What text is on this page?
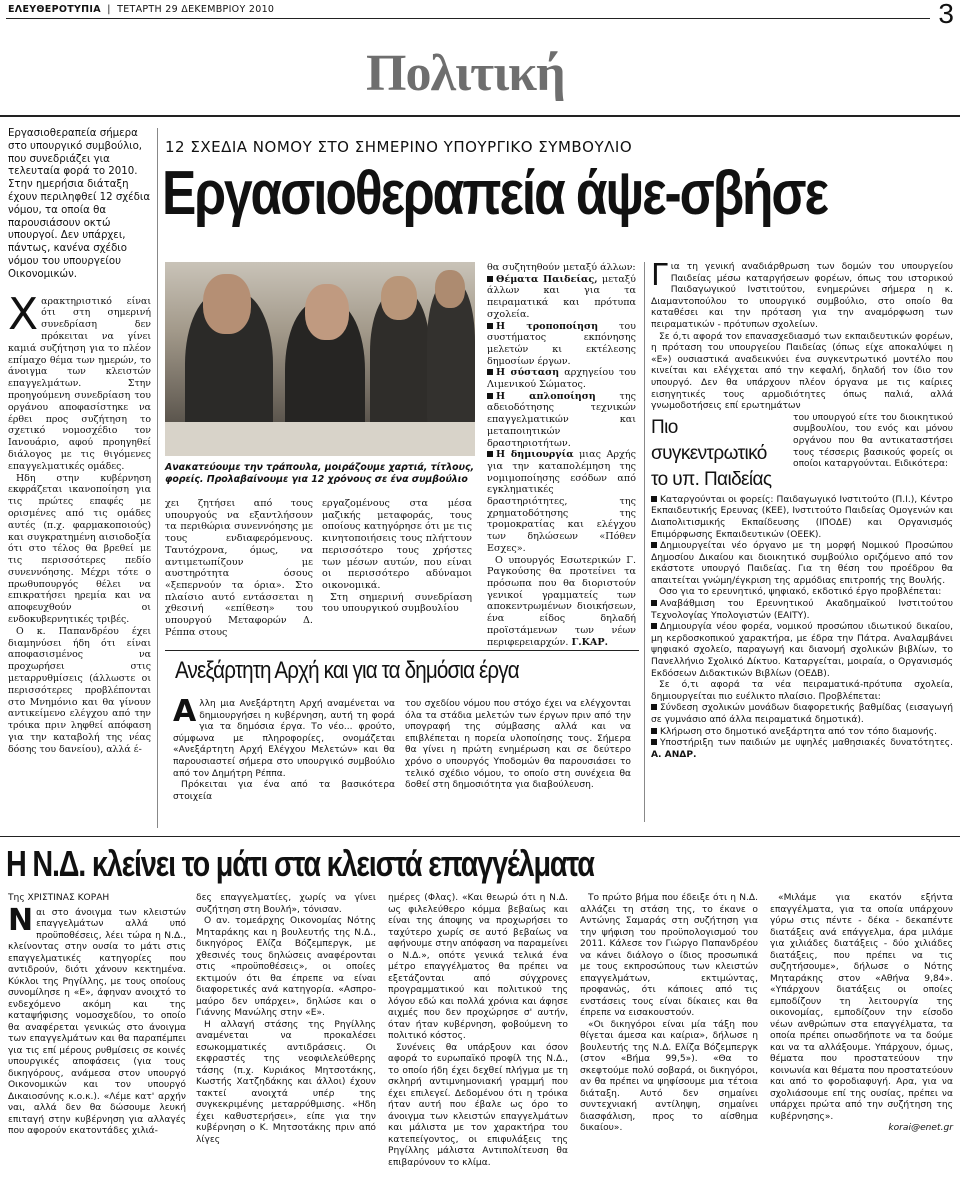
ΕΛΕΥΘΕΡΟΤΥΠΙΑ | ΤΕΤΑΡΤΗ 29 ΔΕΚΕΜΒΡΙΟΥ 2010	3
Πολιτική
Εργασιοθεραπεία σήμερα στο υπουργικό συμβούλιο, που συνεδριάζει για τελευταία φορά το 2010. Στην ημερήσια διάταξη έχουν περιληφθεί 12 σχέδια νόμου, τα οποία θα παρουσιάσουν οκτώ υπουργοί. Δεν υπάρχει, πάντως, κανένα σχέδιο νόμου του υπουργείου Οικονομικών.

Χαρακτηριστικό είναι ότι στη σημερινή συνεδρίαση δεν πρόκειται να γίνει καμιά συζήτηση για το πλέον επίμαχο θέμα των ημερών, το άνοιγμα των κλειστών επαγγελμάτων. Στην προηγούμενη συνεδρίαση του οργάνου αποφασίστηκε να έρθει προς συζήτηση το σχετικό νομοσχέδιο τον Ιανουάριο, αφού προηγηθεί διάλογος με τις θιγόμενες επαγγελματικές ομάδες.

Ηδη στην κυβέρνηση εκφράζεται ικανοποίηση για τις πρώτες επαφές με ορισμένες από τις ομάδες αυτές (π.χ. φαρμακοποιούς) και συγκρατημένη αισιοδοξία ότι στο τέλος θα βρεθεί με τις περισσότερες πεδίο συνεννόησης. Μέχρι τότε ο πρωθυπουργός θέλει να επικρατήσει ηρεμία και να αποφευχθούν οι ενδοκυβερνητικές τριβές.

Ο κ. Παπανδρέου έχει διαμηνύσει ήδη ότι είναι αποφασισμένος να προχωρήσει στις μεταρρυθμίσεις (άλλωστε οι περισσότερες προβλέπονται στο Μνημόνιο και θα γίνουν αντικείμενο ελέγχου από την τρόικα πριν ληφθεί απόφαση για την καταβολή της νέας δόσης του δανείου), αλλά έ-

12 ΣΧΕΔΙΑ ΝΟΜΟΥ ΣΤΟ ΣΗΜΕΡΙΝΟ ΥΠΟΥΡΓΙΚΟ ΣΥΜΒΟΥΛΙΟ
Εργασιοθεραπεία άψε-σβήσε
Ανακατεύουμε την τράπουλα, μοιράζουμε χαρτιά, τίτλους, φορείς. Προλαβαίνουμε για 12 χρόνους σε ένα συμβούλιο
χει ζητήσει από τους υπουργούς να εξαντλήσουν τα περιθώρια συνεννόησης με τους ενδιαφερόμενους. Ταυτόχρονα, όμως, να αντιμετωπίζουν με αυστηρότητα όσους «ξεπερνούν τα όρια». Στο πλαίσιο αυτό εντάσσεται η χθεσινή «επίθεση» του υπουργού Μεταφορών Δ. Ρέππα στους

εργαζομένους στα μέσα μαζικής μεταφοράς, τους οποίους κατηγόρησε ότι με τις κινητοποιήσεις τους πλήττουν περισσότερο τους χρήστες των μέσων αυτών, που είναι οι περισσότερο αδύναμοι οικονομικά.

Στη σημερινή συνεδρίαση του υπουργικού συμβουλίου

θα συζητηθούν μεταξύ άλλων:

Θέματα Παιδείας, μεταξύ άλλων και για τα πειραματικά και πρότυπα σχολεία.

Η τροποποίηση του συστήματος εκπόνησης μελετών κι εκτέλεσης δημοσίων έργων.

Η σύσταση αρχηγείου του Λιμενικού Σώματος.

Η απλοποίηση της αδειοδότησης τεχνικών επαγγελματικών και μεταποιητικών δραστηριοτήτων.

Η δημιουργία μιας Αρχής για την καταπολέμηση της νομιμοποίησης εσόδων από εγκληματικές δραστηριότητες, της χρηματοδότησης της τρομοκρατίας και ελέγχου των δηλώσεων «Πόθεν Εσχες».

Ο υπουργός Εσωτερικών Γ. Ραγκούσης θα προτείνει τα πρόσωπα που θα διοριστούν γενικοί γραμματείς των αποκεντρωμένων διοικήσεων, ένα είδος δηλαδή προϊστάμενων των νέων περιφερειαρχών. Γ.ΚΑΡ.

Για τη γενική αναδιάρθρωση των δομών του υπουργείου Παιδείας μέσω καταργήσεων φορέων, όπως του ιστορικού Παιδαγωγικού Ινστιτούτου, ενημερώνει σήμερα η κ. Διαμαντοπούλου το υπουργικό συμβούλιο, στο οποίο θα καταθέσει και την πρόταση για την αναμόρφωση των πειραματικών - πρότυπων σχολείων.

Σε ό,τι αφορά τον επανασχεδιασμό των εκπαιδευτικών φορέων, η πρόταση του υπουργείου Παιδείας (όπως είχε αποκαλύψει η «Ε») ουσιαστικά αναδεικνύει ένα συγκεντρωτικό μοντέλο που κινείται και ελέγχεται από την κεφαλή, δηλαδή τον ίδιο τον υπουργό. Δεν θα υπάρχουν πλέον όργανα με τις καίριες εισηγητικές τους αρμοδιότητες όπως παλιά, αλλά γνωμοδοτήσεις επί ερωτημάτων

Πιο συγκεντρωτικό το υπ. Παιδείας

του υπουργού είτε του διοικητικού συμβουλίου, του ενός και μόνου οργάνου που θα αντικαταστήσει τους τέσσερις βασικούς φορείς οι οποίοι καταργούνται. Ειδικότερα:

Καταργούνται οι φορείς: Παιδαγωγικό Ινστιτούτο (Π.Ι.), Κέντρο Εκπαιδευτικής Ερευνας (ΚΕΕ), Ινστιτούτο Παιδείας Ομογενών και Διαπολιτισμικής Εκπαίδευσης (ΙΠΟΔΕ) και Οργανισμός Επιμόρφωσης Εκπαιδευτικών (ΟΕΕΚ).

Δημιουργείται νέο όργανο με τη μορφή Νομικού Προσώπου Δημοσίου Δικαίου και διοικητικό συμβούλιο οριζόμενο από τον εκάστοτε υπουργό Παιδείας. Για τη θέση του προέδρου θα απαιτείται γνώμη/έγκριση της αρμόδιας επιτροπής της Βουλής.

Οσο για το ερευνητικό, ψηφιακό, εκδοτικό έργο προβλέπεται:

Αναβάθμιση του Ερευνητικού Ακαδημαϊκού Ινστιτούτου Τεχνολογίας Υπολογιστών (ΕΑΙΤΥ).

Δημιουργία νέου φορέα, νομικού προσώπου ιδιωτικού δικαίου, μη κερδοσκοπικού χαρακτήρα, με έδρα την Πάτρα. Αναλαμβάνει ψηφιακό σχολείο, παραγωγή και διανομή σχολικών βιβλίων, το Πανελλήνιο Σχολικό Δίκτυο. Καταργείται, μοιραία, ο Οργανισμός Εκδόσεων Διδακτικών Βιβλίων (ΟΕΔΒ).

Σε ό,τι αφορά τα νέα πειραματικά-πρότυπα σχολεία, δημιουργείται πιο ευέλικτο πλαίσιο. Προβλέπεται:

Σύνδεση σχολικών μονάδων διαφορετικής βαθμίδας (εισαγωγή σε γυμνάσιο από άλλα πειραματικά δημοτικά).

Κλήρωση στο δημοτικό ανεξάρτητα από τον τόπο διαμονής.

Υποστήριξη των παιδιών με υψηλές μαθησιακές δυνατότητες. Α. ΑΝΔΡ.

Ανεξάρτητη Αρχή και για τα δημόσια έργα

Αλλη μια Ανεξάρτητη Αρχή αναμένεται να δημιουργήσει η κυβέρνηση, αυτή τη φορά για τα δημόσια έργα. Το νέο... φρούτο, σύμφωνα με πληροφορίες, ονομάζεται «Ανεξάρτητη Αρχή Ελέγχου Μελετών» και θα παρουσιαστεί σήμερα στο υπουργικό συμβούλιο από τον Δημήτρη Ρέππα.

Πρόκειται για ένα από τα βασικότερα στοιχεία

του σχεδίου νόμου που στόχο έχει να ελέγχονται όλα τα στάδια μελετών των έργων πριν από την υπογραφή της σύμβασης αλλά και να επιβλέπεται η πορεία υλοποίησης τους. Σήμερα θα γίνει η πρώτη ενημέρωση και σε δεύτερο χρόνο ο υπουργός Υποδομών θα παρουσιάσει το τελικό σχέδιο νόμου, το οποίο στη συνέχεια θα δοθεί στη δημοσιότητα για διαβούλευση.
Η Ν.Δ. κλείνει το μάτι στα κλειστά επαγγέλματα

Της ΧΡΙΣΤΙΝΑΣ ΚΟΡΑΗ

Ναι στο άνοιγμα των κλειστών επαγγελμάτων αλλά υπό προϋποθέσεις, λέει τώρα η Ν.Δ., κλείνοντας στην ουσία το μάτι στις επαγγελματικές κατηγορίες που αντιδρούν, διότι χάνουν κεκτημένα. Κύκλοι της Ρηγίλλης, με τους οποίους συνομίλησε η «Ε», άφηναν ανοιχτό το ενδεχόμενο ακόμη και της καταψήφισης νομοσχεδίου, το οποίο θα αναφέρεται γενικώς στο άνοιγμα των επαγγελμάτων και θα παραπέμπει για τις επί μέρους ρυθμίσεις σε κοινές υπουργικές αποφάσεις (για τους δικηγόρους, ανάμεσα στον υπουργό Οικονομικών και τον υπουργό Δικαιοσύνης κ.ο.κ.). «Λέμε κατ' αρχήν ναι, αλλά δεν θα δώσουμε λευκή επιταγή στην κυβέρνηση για αλλαγές που αφορούν εκατοντάδες χιλιά-

δες επαγγελματίες, χωρίς να γίνει συζήτηση στη Βουλή», τόνισαν.

Ο αν. τομεάρχης Οικονομίας Νότης Μηταράκης και η βουλευτής της Ν.Δ., δικηγόρος Ελίζα Βόζεμπεργκ, με χθεσινές τους δηλώσεις αναφέρονται στις «προϋποθέσεις», οι οποίες εκτιμούν ότι θα έπρεπε να είναι διαφορετικές ανά κατηγορία. «Ασπρο-μαύρο δεν υπάρχει», δηλώσε και ο Γιάννης Μανώλης στην «Ε».

Η αλλαγή στάσης της Ρηγίλλης αναμένεται να προκαλέσει εσωκομματικές αντιδράσεις. Οι εκφραστές της νεοφιλελεύθερης τάσης (π.χ. Κυριάκος Μητσοτάκης, Κωστής Χατζηδάκης και άλλοι) έχουν τακτεί ανοιχτά υπέρ της συγκεκριμένης μεταρρύθμισης. «Ηδη έχει καθυστερήσει», είπε για την κυβέρνηση ο Κ. Μητσοτάκης πριν από λίγες

ημέρες (Φλας). «Και θεωρώ ότι η Ν.Δ. ως φιλελεύθερο κόμμα βεβαίως και είναι της άποψης να προχωρήσει το ταχύτερο χωρίς σε αυτό βεβαίως να αφήνουμε στην απόφαση να παραμείνει ο Ν.Δ.», οπότε γενικά τελικά ένα μέτρο επαγγέλματος θα πρέπει να εξετάζονται από σύγχρονες προγραμματικού και πολιτικού της λόγου εδώ και πολλά χρόνια και άφησε αιχμές που δεν προχώρησε σ' αυτήν, όταν ήταν κυβέρνηση, φοβούμενη το πολιτικό κόστος.

Συνένεις θα υπάρξουν και όσον αφορά το ευρωπαϊκό προφίλ της Ν.Δ., το οποίο ήδη έχει δεχθεί πλήγμα με τη σκληρή αντιμνημονιακή γραμμή που έχει επιλεγεί. Δεδομένου ότι η τρόικα ήταν αυτή που έβαλε ως όρο το άνοιγμα των κλειστών επαγγελμάτων και μάλιστα με τον χαρακτήρα του κατεπείγοντος, οι επιφυλάξεις της Ρηγίλλης μάλιστα Αντιπολίτευση θα επιβαρύνουν το κλίμα.

Το πρώτο βήμα που έδειξε ότι η Ν.Δ. αλλάζει τη στάση της, το έκανε ο Αντώνης Σαμαράς στη συζήτηση για την ψήφιση του προϋπολογισμού του 2011. Κάλεσε τον Γιώργο Παπανδρέου να κάνει διάλογο ο ίδιος προσωπικά με τους εκπροσώπους των κλειστών επαγγελμάτων, εκτιμώντας, προφανώς, ότι κάποιες από τις ενστάσεις τους είναι δίκαιες και θα έπρεπε να εισακουστούν.

«Οι δικηγόροι είναι μία τάξη που θίγεται άμεσα και καίρια», δήλωσε η βουλευτής της Ν.Δ. Ελίζα Βόζεμπεργκ (στον «Βήμα 99,5»). «Θα το σκεφτούμε πολύ σοβαρά, οι δικηγόροι, αν θα πρέπει να ψηφίσουμε μια τέτοια διάταξη. Αυτό δεν σημαίνει συντεχνιακή αντίληψη, σημαίνει διασφάλιση, προς το αίσθημα δικαίου».

«Μιλάμε για εκατόν εξήντα επαγγέλματα, για τα οποία υπάρχουν γύρω στις πέντε - δέκα - δεκαπέντε διατάξεις ανά επάγγελμα, άρα μιλάμε για χιλιάδες διατάξεις - δύο χιλιάδες διατάξεις, που πρέπει να τις συζητήσουμε», δήλωσε ο Νότης Μηταράκης στον «Αθήνα 9,84». «Υπάρχουν διατάξεις οι οποίες εμποδίζουν τη λειτουργία της οικονομίας, εμποδίζουν την είσοδο νέων ανθρώπων στα επαγγέλματα, τα οποία πρέπει οπωσδήποτε να τα δούμε και να τα αλλάξουμε. Υπάρχουν, όμως, θέματα που προστατεύουν την κοινωνία και θέματα που προστατεύουν και από το φοροδιαφυγή. Αρα, για να σχολιάσουμε επί της ουσίας, πρέπει να υπάρχει πρώτα από την συζήτηση της κυβέρνησης».

korai@enet.gr
